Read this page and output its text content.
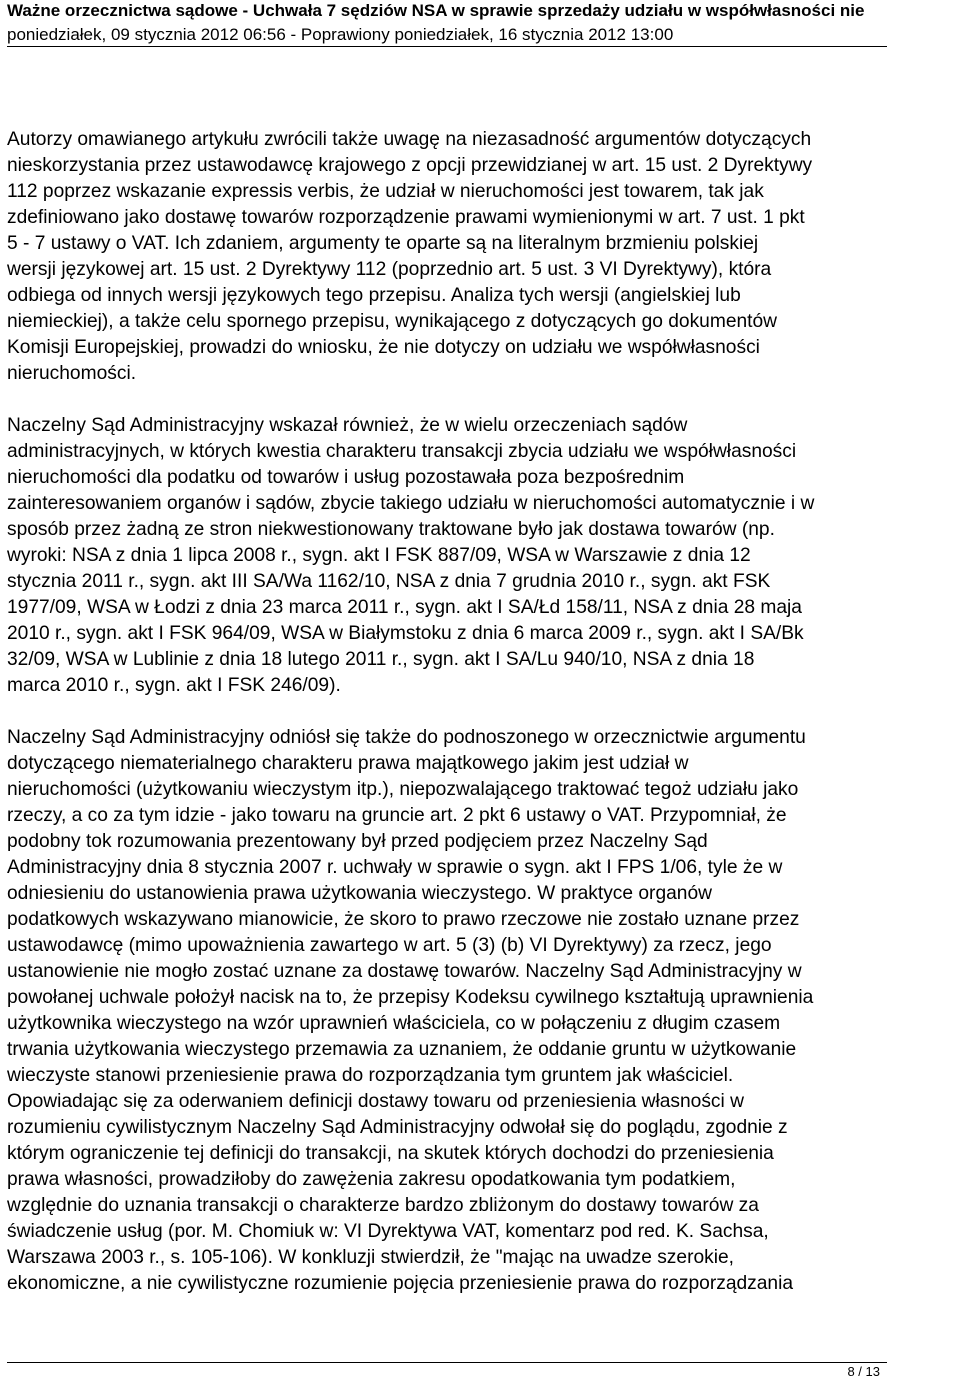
Ważne orzecznictwa sądowe - Uchwała 7 sędziów NSA w sprawie sprzedaży udziału w współwłasności nie
poniedziałek, 09 stycznia 2012 06:56 - Poprawiony poniedziałek, 16 stycznia 2012 13:00

Autorzy omawianego artykułu zwrócili także uwagę na niezasadność argumentów dotyczących
nieskorzystania przez ustawodawcę krajowego z opcji przewidzianej w art. 15 ust. 2 Dyrektywy
112 poprzez wskazanie expressis verbis, że udział w nieruchomości jest towarem, tak jak
zdefiniowano jako dostawę towarów rozporządzenie prawami wymienionymi w art. 7 ust. 1 pkt
5 - 7 ustawy o VAT. Ich zdaniem, argumenty te oparte są na literalnym brzmieniu polskiej
wersji językowej art. 15 ust. 2 Dyrektywy 112 (poprzednio art. 5 ust. 3 VI Dyrektywy), która
odbiega od innych wersji językowych tego przepisu. Analiza tych wersji (angielskiej lub
niemieckiej), a także celu spornego przepisu, wynikającego z dotyczących go dokumentów
Komisji Europejskiej, prowadzi do wniosku, że nie dotyczy on udziału we współwłasności
nieruchomości.

Naczelny Sąd Administracyjny wskazał również, że w wielu orzeczeniach sądów
administracyjnych, w których kwestia charakteru transakcji zbycia udziału we współwłasności
nieruchomości dla podatku od towarów i usług pozostawała poza bezpośrednim
zainteresowaniem organów i sądów, zbycie takiego udziału w nieruchomości automatycznie i w
sposób przez żadną ze stron niekwestionowany traktowane było jak dostawa towarów (np.
wyroki: NSA z dnia 1 lipca 2008 r., sygn. akt I FSK 887/09, WSA w Warszawie z dnia 12
stycznia 2011 r., sygn. akt III SA/Wa 1162/10, NSA z dnia 7 grudnia 2010 r., sygn. akt FSK
1977/09, WSA w Łodzi z dnia 23 marca 2011 r., sygn. akt I SA/Łd 158/11, NSA z dnia 28 maja
2010 r., sygn. akt I FSK 964/09, WSA w Białymstoku z dnia 6 marca 2009 r., sygn. akt I SA/Bk
32/09, WSA w Lublinie z dnia 18 lutego 2011 r., sygn. akt I SA/Lu 940/10, NSA z dnia 18
marca 2010 r., sygn. akt I FSK 246/09).

Naczelny Sąd Administracyjny odniósł się także do podnoszonego w orzecznictwie argumentu
dotyczącego niematerialnego charakteru prawa majątkowego jakim jest udział w
nieruchomości (użytkowaniu wieczystym itp.), niepozwalającego traktować tegoż udziału jako
rzeczy, a co za tym idzie - jako towaru na gruncie art. 2 pkt 6 ustawy o VAT. Przypomniał, że
podobny tok rozumowania prezentowany był przed podjęciem przez Naczelny Sąd
Administracyjny dnia 8 stycznia 2007 r. uchwały w sprawie o sygn. akt I FPS 1/06, tyle że w
odniesieniu do ustanowienia prawa użytkowania wieczystego. W praktyce organów
podatkowych wskazywano mianowicie, że skoro to prawo rzeczowe nie zostało uznane przez
ustawodawcę (mimo upoważnienia zawartego w art. 5 (3) (b) VI Dyrektywy) za rzecz, jego
ustanowienie nie mogło zostać uznane za dostawę towarów. Naczelny Sąd Administracyjny w
powołanej uchwale położył nacisk na to, że przepisy Kodeksu cywilnego kształtują uprawnienia
użytkownika wieczystego na wzór uprawnień właściciela, co w połączeniu z długim czasem
trwania użytkowania wieczystego przemawia za uznaniem, że oddanie gruntu w użytkowanie
wieczyste stanowi przeniesienie prawa do rozporządzania tym gruntem jak właściciel.
Opowiadając się za oderwaniem definicji dostawy towaru od przeniesienia własności w
rozumieniu cywilistycznym Naczelny Sąd Administracyjny odwołał się do poglądu, zgodnie z
którym ograniczenie tej definicji do transakcji, na skutek których dochodzi do przeniesienia
prawa własności, prowadziłoby do zawężenia zakresu opodatkowania tym podatkiem,
względnie do uznania transakcji o charakterze bardzo zbliżonym do dostawy towarów za
świadczenie usług (por. M. Chomiuk w: VI Dyrektywa VAT, komentarz pod red. K. Sachsa,
Warszawa 2003 r., s. 105-106). W konkluzji stwierdził, że "mając na uwadze szerokie,
ekonomiczne, a nie cywilistyczne rozumienie pojęcia przeniesienie prawa do rozporządzania

8 / 13
